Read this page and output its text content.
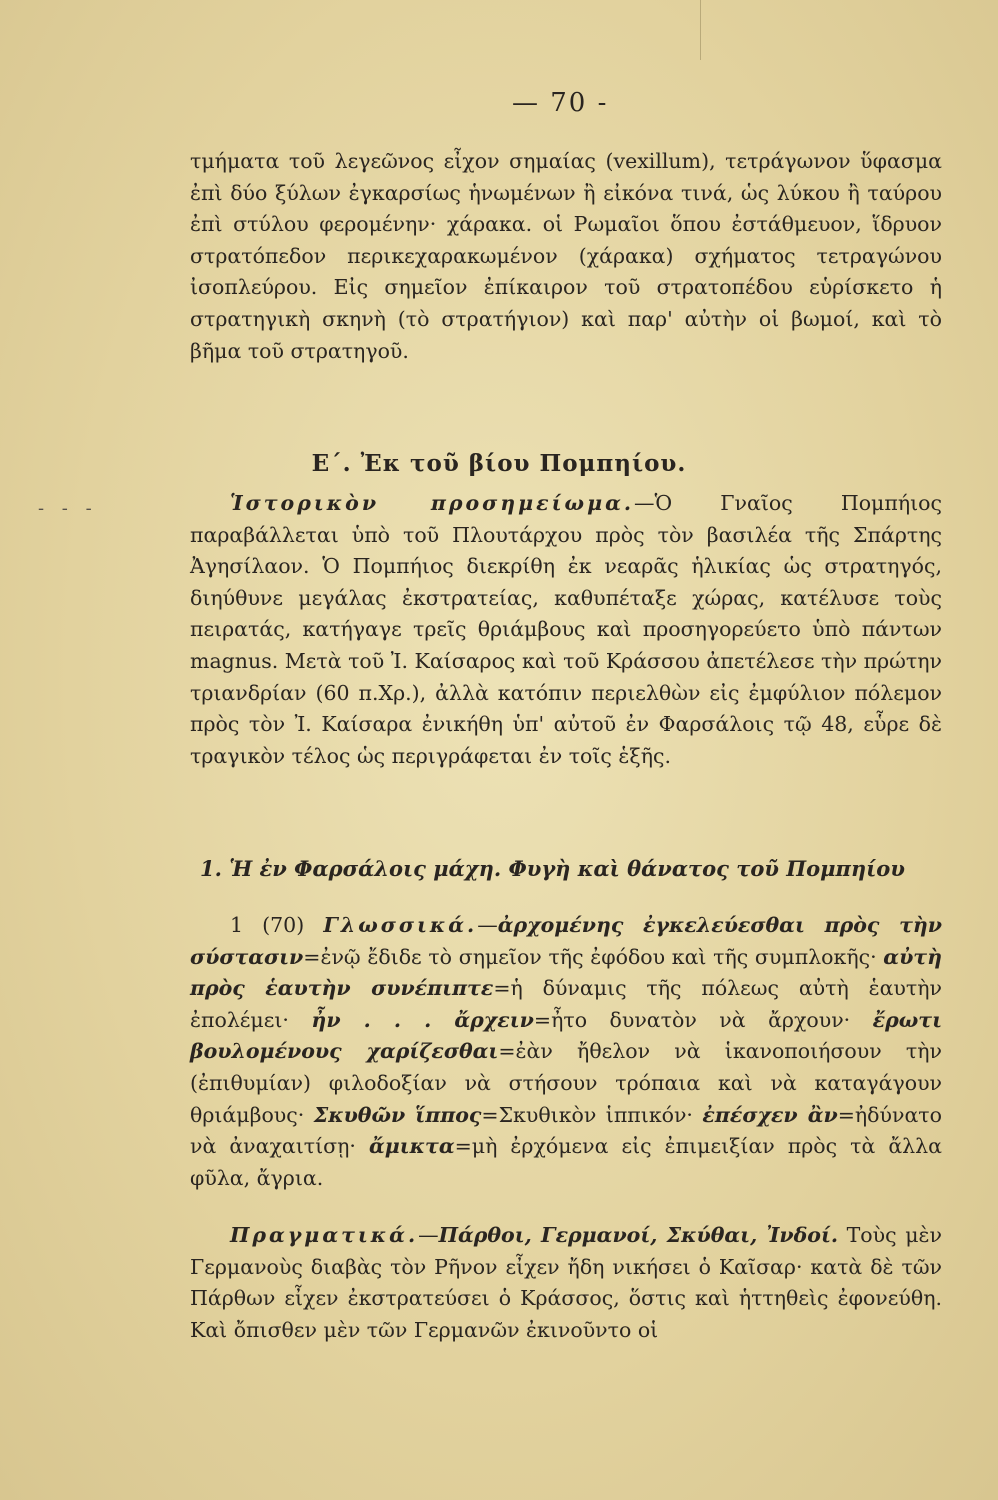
- - -
— 70 -

τμήματα τοῦ λεγεῶνος εἶχον σημαίας (vexillum), τετράγωνον ὕφασμα ἐπὶ δύο ξύλων ἐγκαρσίως ἡνωμένων ἢ εἰκόνα τινά, ὡς λύκου ἢ ταύρου ἐπὶ στύλου φερομένην· χάρακα. οἱ Ρωμαῖοι ὅπου ἐστάθμευον, ἵδρυον στρατόπεδον περικεχαρακωμένον (χάρακα) σχήματος τετραγώνου ἰσοπλεύρου. Εἰς σημεῖον ἐπίκαιρον τοῦ στρατοπέδου εὑρίσκετο ἡ στρατηγικὴ σκηνὴ (τὸ στρατήγιον) καὶ παρ' αὐτὴν οἱ βωμοί, καὶ τὸ βῆμα τοῦ στρατηγοῦ.

Ε΄. Ἐκ τοῦ βίου Πομπηίου.

Ἱστορικὸν προσημείωμα.—Ὁ Γναῖος Πομπήιος παραβάλλεται ὑπὸ τοῦ Πλουτάρχου πρὸς τὸν βασιλέα τῆς Σπάρτης Ἀγησίλαον. Ὁ Πομπήιος διεκρίθη ἐκ νεαρᾶς ἡλικίας ὡς στρατηγός, διηύθυνε μεγάλας ἐκστρατείας, καθυπέταξε χώρας, κατέλυσε τοὺς πειρατάς, κατήγαγε τρεῖς θριάμβους καὶ προσηγορεύετο ὑπὸ πάντων magnus. Μετὰ τοῦ Ἰ. Καίσαρος καὶ τοῦ Κράσσου ἀπετέλεσε τὴν πρώτην τριανδρίαν (60 π.Χρ.), ἀλλὰ κατόπιν περιελθὼν εἰς ἐμφύλιον πόλεμον πρὸς τὸν Ἰ. Καίσαρα ἐνικήθη ὑπ' αὐτοῦ ἐν Φαρσάλοις τῷ 48, εὗρε δὲ τραγικὸν τέλος ὡς περιγράφεται ἐν τοῖς ἑξῆς.

1. Ἡ ἐν Φαρσάλοις μάχη. Φυγὴ καὶ θάνατος τοῦ Πομπηίου

1 (70) Γλωσσικά.—ἀρχομένης ἐγκελεύεσθαι πρὸς τὴν σύστασιν=ἐνῷ ἔδιδε τὸ σημεῖον τῆς ἐφόδου καὶ τῆς συμπλοκῆς· αὐτὴ πρὸς ἑαυτὴν συνέπιπτε=ἡ δύναμις τῆς πόλεως αὐτὴ ἑαυτὴν ἐπολέμει· ἦν . . . ἄρχειν=ἦτο δυνατὸν νὰ ἄρχουν· ἔρωτι βουλομένους χαρίζεσθαι=ἐὰν ἤθελον νὰ ἱκανοποιήσουν τὴν (ἐπιθυμίαν) φιλοδοξίαν νὰ στήσουν τρόπαια καὶ νὰ καταγάγουν θριάμβους· Σκυθῶν ἵππος=Σκυθικὸν ἱππικόν· ἐπέσχεν ἂν=ἠδύνατο νὰ ἀναχαιτίσῃ· ἄμικτα=μὴ ἐρχόμενα εἰς ἐπιμειξίαν πρὸς τὰ ἄλλα φῦλα, ἄγρια.

Πραγματικά.—Πάρθοι, Γερμανοί, Σκύθαι, Ἰνδοί. Τοὺς μὲν Γερμανοὺς διαβὰς τὸν Ρῆνον εἶχεν ἤδη νικήσει ὁ Καῖσαρ· κατὰ δὲ τῶν Πάρθων εἶχεν ἐκστρατεύσει ὁ Κράσσος, ὅστις καὶ ἡττηθεὶς ἐφονεύθη. Καὶ ὄπισθεν μὲν τῶν Γερμανῶν ἐκινοῦντο οἱ
